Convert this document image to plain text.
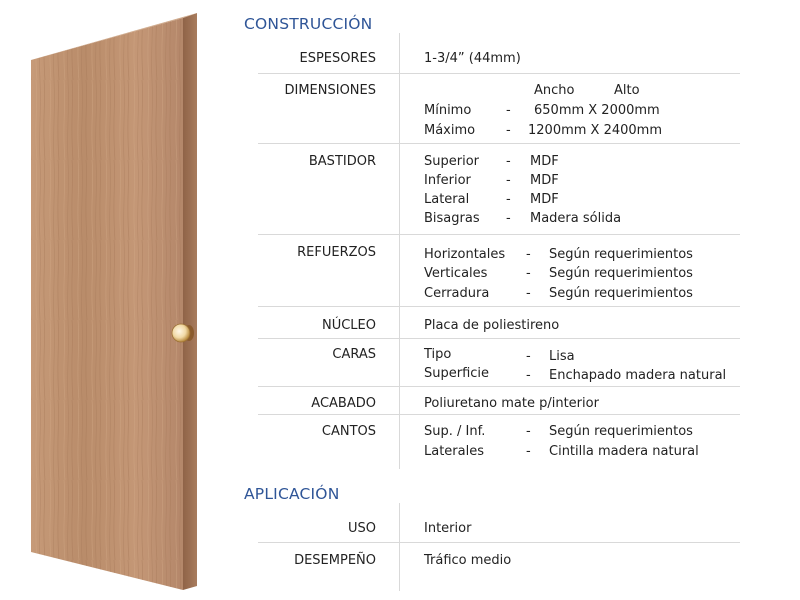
CONSTRUCCIÓN
ESPESORES	1-3/4” (44mm)
DIMENSIONES	Ancho	Alto
Mínimo	- 650mm X 2000mm
Máximo - 1200mm X 2400mm
BASTIDOR	Superior - MDF
Inferior	- MDF
Lateral	- MDF
Bisagras - Madera sólida
REFUERZOS	Horizontales - Según requerimientos
Verticales	- Según requerimientos
Cerradura	- Según requerimientos
NÚCLEO	Placa de poliestireno
CARAS	Tipo	- Lisa
Superficie	- Enchapado madera natural
ACABADO	Poliuretano mate p/interior
CANTOS	Sup. / Inf.	- Según requerimientos
Laterales	- Cintilla madera natural
APLICACIÓN
USO	Interior
DESEMPEÑO	Tráfico medio
